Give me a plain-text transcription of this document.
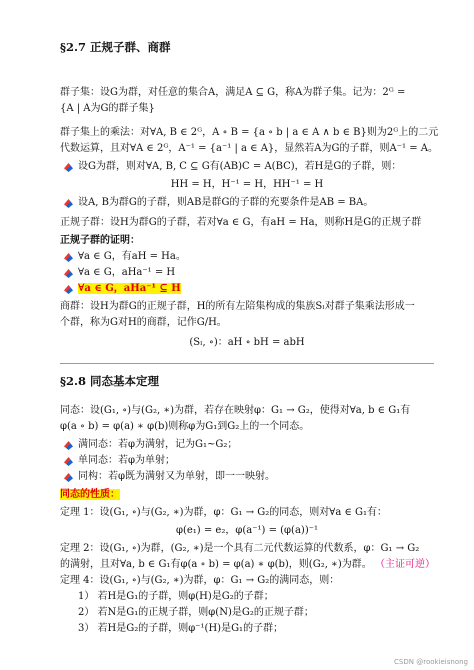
§2.7 正规子群、商群
群子集：设G为群，对任意的集合A，满足A ⊆ G，称A为群子集。记为：2ᴳ =
{A | A为G的群子集}
群子集上的乘法：对∀A, B ∈ 2ᴳ，A ∘ B = {a ∘ b | a ∈ A ∧ b ∈ B}则为2ᴳ上的二元
代数运算，且对∀A ∈ 2ᴳ，A⁻¹ = {a⁻¹ | a ∈ A}，显然若A为G的子群，则A⁻¹ = A。
设G为群，则对∀A, B, C ⊆ G有(AB)C = A(BC)，若H是G的子群，则：
HH = H，H⁻¹ = H，HH⁻¹ = H
设A, B为群G的子群，则AB是群G的子群的充要条件是AB = BA。
正规子群：设H为群G的子群，若对∀a ∈ G，有aH = Ha，则称H是G的正规子群
正规子群的证明：
∀a ∈ G，有aH = Ha。
∀a ∈ G，aHa⁻¹ = H
∀a ∈ G，aHa⁻¹ ⊆ H
商群：设H为群G的正规子群，H的所有左陪集构成的集族Sₗ对群子集乘法形成一
个群，称为G对H的商群，记作G/H。
(Sₗ, ∘)：aH ∘ bH = abH
§2.8 同态基本定理
同态：设(G₁, ∘)与(G₂, ∗)为群，若存在映射φ：G₁ → G₂，使得对∀a, b ∈ G₁有
φ(a ∘ b) = φ(a) ∗ φ(b)则称φ为G₁到G₂上的一个同态。
满同态：若φ为满射，记为G₁~G₂；
单同态：若φ为单射；
同构：若φ既为满射又为单射，即一一映射。
同态的性质：
定理 1：设(G₁, ∘)与(G₂, ∗)为群，φ：G₁ → G₂的同态，则对∀a ∈ G₁有：
φ(e₁) = e₂，φ(a⁻¹) = (φ(a))⁻¹
定理 2：设(G₁, ∘)为群，(G₂, ∗)是一个具有二元代数运算的代数系，φ：G₁ → G₂
的满射，且对∀a, b ∈ G₁有φ(a ∘ b) = φ(a) ∗ φ(b)，则(G₂, ∗)为群。 （主证可逆）
定理 4：设(G₁, ∘)与(G₂, ∗)为群，φ：G₁ → G₂的满同态，则：
1） 若H是G₁的子群，则φ(H)是G₂的子群；
2） 若N是G₁的正规子群，则φ(N)是G₂的正规子群；
3） 若H是G₂的子群，则φ⁻¹(H)是G₁的子群；
CSDN @rookieisnong
